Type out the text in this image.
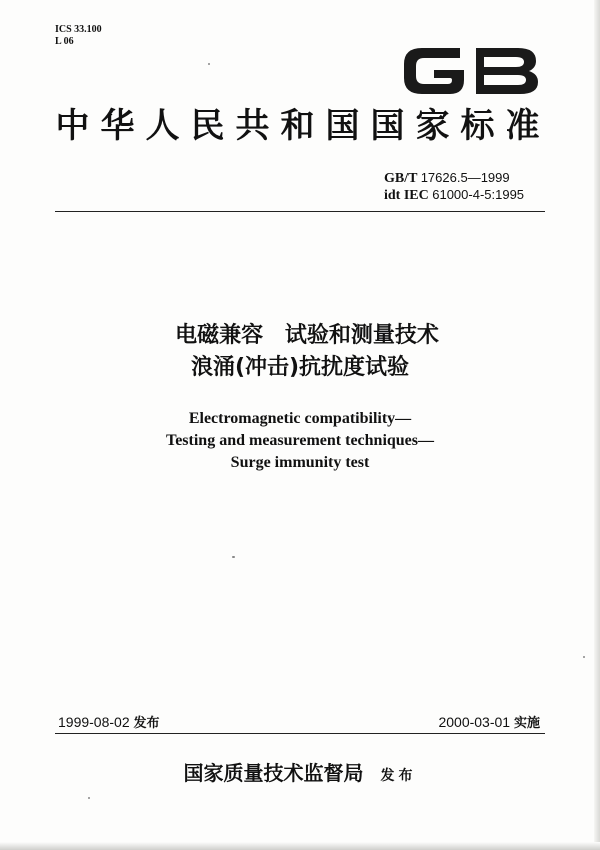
ICS 33.100
L 06
中华人民共和国国家标准
GB/T 17626.5—1999
idt IEC 61000-4-5:1995
电磁兼容 试验和测量技术
浪涌(冲击)抗扰度试验
Electromagnetic compatibility—
Testing and measurement techniques—
Surge immunity test
1999-08-02 发布	2000-03-01 实施
国家质量技术监督局 发布
